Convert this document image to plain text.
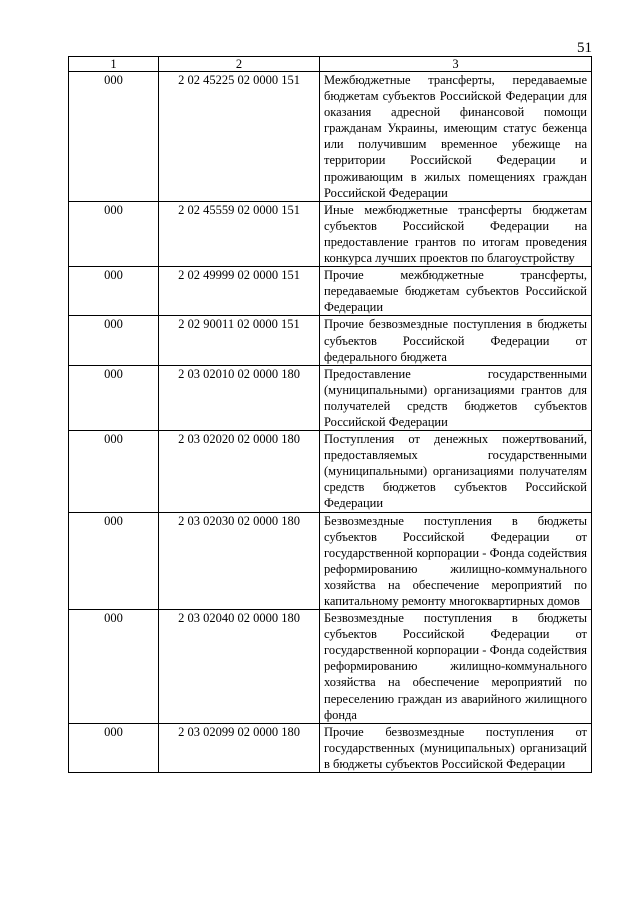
51
1	2	3
000	2 02 45225 02 0000 151	Межбюджетные трансферты, передаваемые бюджетам субъектов Российской Федерации для оказания адресной финансовой помощи гражданам Украины, имеющим статус беженца или получившим временное убежище на территории Российской Федерации и проживающим в жилых помещениях граждан Российской Федерации
000	2 02 45559 02 0000 151	Иные межбюджетные трансферты бюджетам субъектов Российской Федерации на предоставление грантов по итогам проведения конкурса лучших проектов по благоустройству
000	2 02 49999 02 0000 151	Прочие межбюджетные трансферты, передаваемые бюджетам субъектов Российской Федерации
000	2 02 90011 02 0000 151	Прочие безвозмездные поступления в бюджеты субъектов Российской Федерации от федерального бюджета
000	2 03 02010 02 0000 180	Предоставление государственными (муниципальными) организациями грантов для получателей средств бюджетов субъектов Российской Федерации
000	2 03 02020 02 0000 180	Поступления от денежных пожертвований, предоставляемых государственными (муниципальными) организациями получателям средств бюджетов субъектов Российской Федерации
000	2 03 02030 02 0000 180	Безвозмездные поступления в бюджеты субъектов Российской Федерации от государственной корпорации - Фонда содействия реформированию жилищно-коммунального хозяйства на обеспечение мероприятий по капитальному ремонту многоквартирных домов
000	2 03 02040 02 0000 180	Безвозмездные поступления в бюджеты субъектов Российской Федерации от государственной корпорации - Фонда содействия реформированию жилищно-коммунального хозяйства на обеспечение мероприятий по переселению граждан из аварийного жилищного фонда
000	2 03 02099 02 0000 180	Прочие безвозмездные поступления от государственных (муниципальных) организаций в бюджеты субъектов Российской Федерации
